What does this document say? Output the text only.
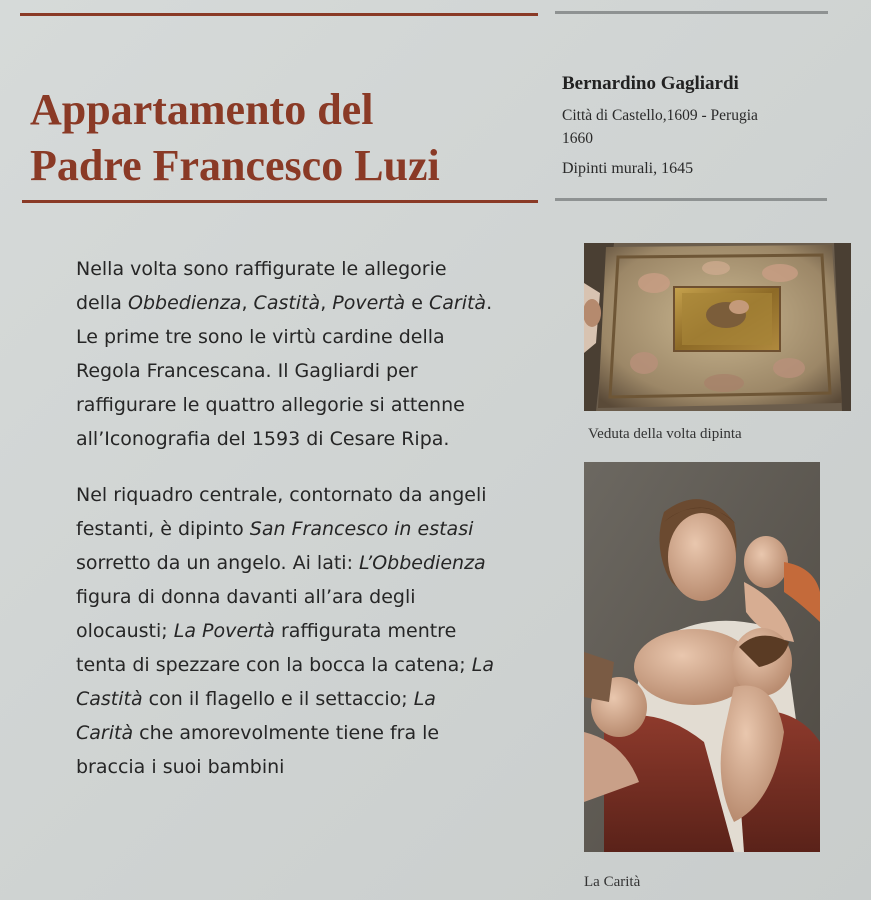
Appartamento del
Padre Francesco Luzi
Bernardino Gagliardi
Città di Castello,1609 - Perugia
1660
Dipinti murali, 1645

Nella volta sono raffigurate le allegorie

della Obbedienza, Castità, Povertà e Carità.

Le prime tre sono le virtù cardine della

Regola Francescana. Il Gagliardi per

raffigurare le quattro allegorie si attenne

all’Iconografia del 1593 di Cesare Ripa.

Nel riquadro centrale, contornato da angeli

festanti, è dipinto San Francesco in estasi

sorretto da un angelo. Ai lati: L’Obbedienza

figura di donna davanti all’ara degli

olocausti; La Povertà raffigurata mentre

tenta di spezzare con la bocca la catena; La

Castità con il flagello e il settaccio; La

Carità che amorevolmente tiene fra le

braccia i suoi bambini

Veduta della volta dipinta
La Carità
